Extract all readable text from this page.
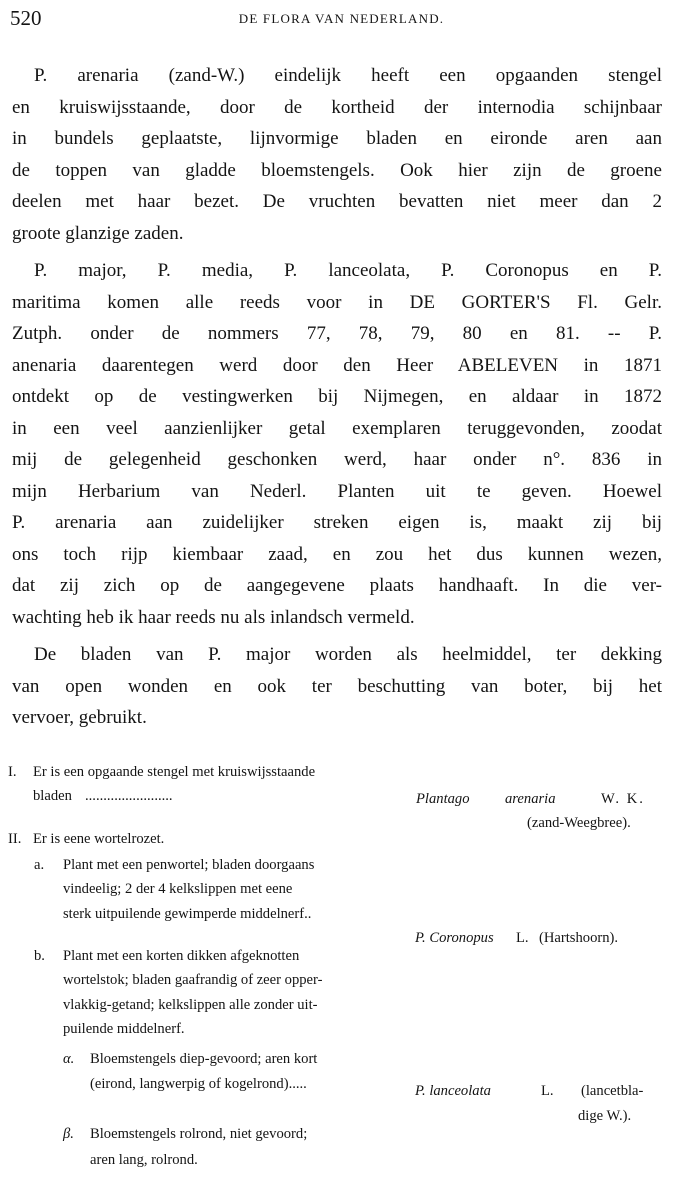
520	DE FLORA VAN NEDERLAND.

P. arenaria (zand-W.) eindelijk heeft een opgaanden stengel
en kruiswijsstaande, door de kortheid der internodia schijnbaar
in bundels geplaatste, lijnvormige bladen en eironde aren aan
de toppen van gladde bloemstengels. Ook hier zijn de groene
deelen met haar bezet. De vruchten bevatten niet meer dan 2
groote glanzige zaden.

P. major, P. media, P. lanceolata, P. Coronopus en P.
maritima komen alle reeds voor in DE GORTER'S Fl. Gelr.
Zutph. onder de nommers 77, 78, 79, 80 en 81. -- P.
anenaria daarentegen werd door den Heer ABELEVEN in 1871
ontdekt op de vestingwerken bij Nijmegen, en aldaar in 1872
in een veel aanzienlijker getal exemplaren teruggevonden, zoodat
mij de gelegenheid geschonken werd, haar onder n°. 836 in
mijn Herbarium van Nederl. Planten uit te geven. Hoewel
P. arenaria aan zuidelijker streken eigen is, maakt zij bij
ons toch rijp kiembaar zaad, en zou het dus kunnen wezen,
dat zij zich op de aangegevene plaats handhaaft. In die ver-
wachting heb ik haar reeds nu als inlandsch vermeld.

De bladen van P. major worden als heelmiddel, ter dekking
van open wonden en ook ter beschutting van boter, bij het
vervoer, gebruikt.

I. Er is een opgaande stengel met kruiswijsstaande
bladen ........................	Plantago arenaria	W. K.
(zand-Weegbree).
II. Er is eene wortelrozet.
a. Plant met een penwortel; bladen doorgaans
vindeelig; 2 der 4 kelkslippen met eene
sterk uitpuilende gewimperde middelnerf..
P. Coronopus L. (Hartshoorn).
b. Plant met een korten dikken afgeknotten
wortelstok; bladen gaafrandig of zeer opper-
vlakkig-getand; kelkslippen alle zonder uit-
puilende middelnerf.
α. Bloemstengels diep-gevoord; aren kort
(eirond, langwerpig of kogelrond).....	P. lanceolata	L. (lancetbla-
dige W.).
β. Bloemstengels rolrond, niet gevoord;
aren lang, rolrond.
